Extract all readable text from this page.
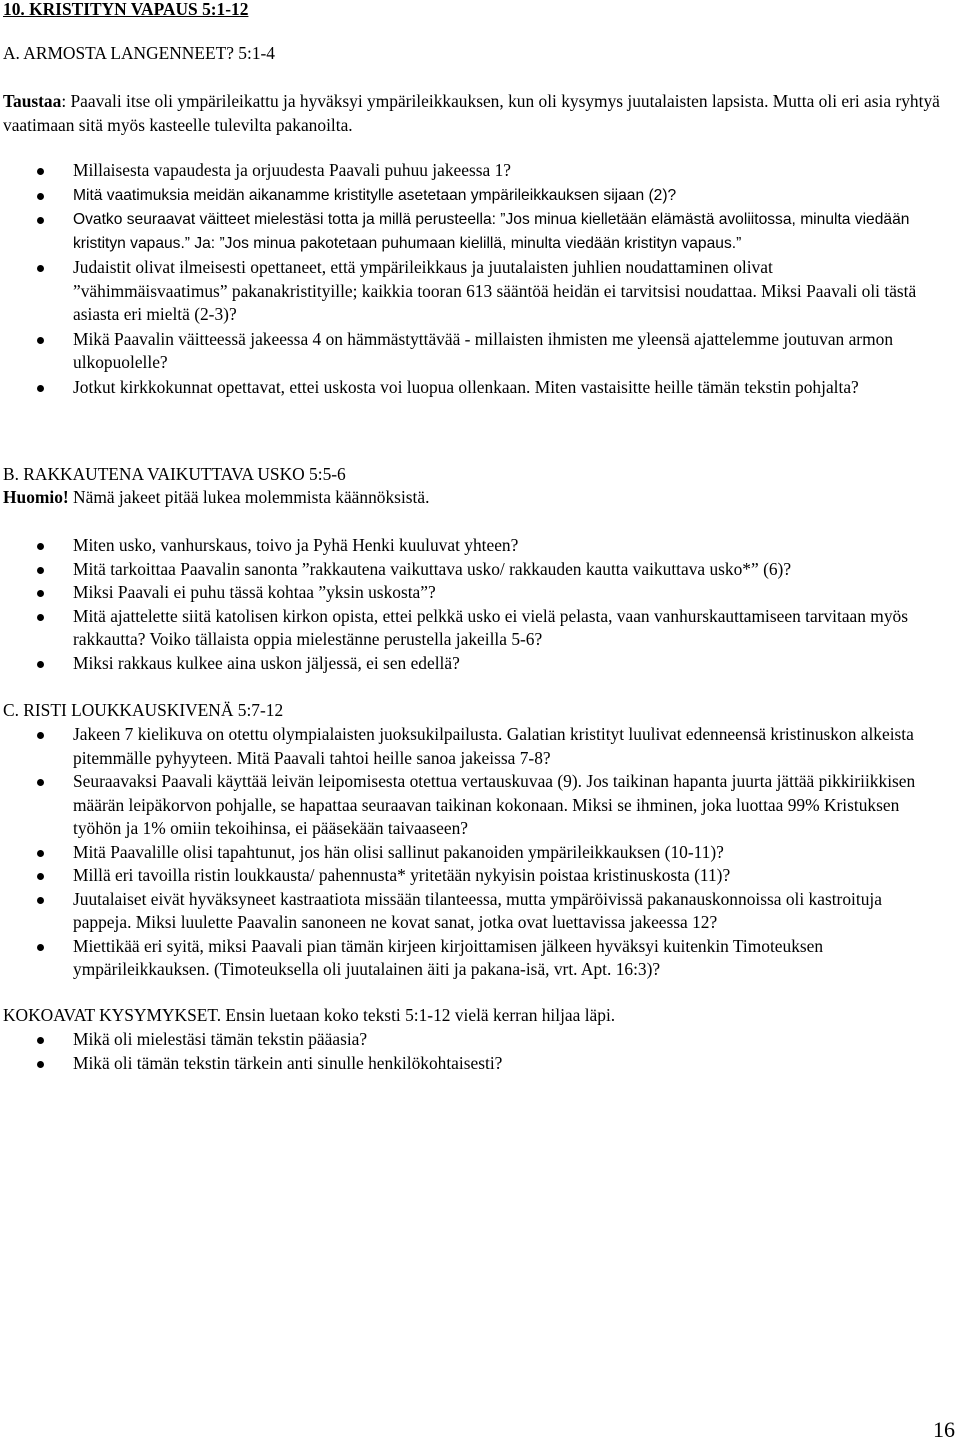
10. KRISTITYN VAPAUS 5:1-12
A. ARMOSTA LANGENNEET? 5:1-4

Taustaa: Paavali itse oli ympärileikattu ja hyväksyi ympärileikkauksen, kun oli kysymys juutalaisten lapsista. Mutta oli eri asia ryhtyä vaatimaan sitä myös kasteelle tulevilta pakanoilta.

Millaisesta vapaudesta ja orjuudesta Paavali puhuu jakeessa 1?
Mitä vaatimuksia meidän aikanamme kristitylle asetetaan ympärileikkauksen sijaan (2)?
Ovatko seuraavat väitteet mielestäsi totta ja millä perusteella: ”Jos minua kielletään elämästä avoliitossa, minulta viedään kristityn vapaus.” Ja: ”Jos minua pakotetaan puhumaan kielillä, minulta viedään kristityn vapaus.”
Judaistit olivat ilmeisesti opettaneet, että ympärileikkaus ja juutalaisten juhlien noudattaminen olivat ”vähimmäisvaatimus” pakanakristityille; kaikkia tooran 613 sääntöä heidän ei tarvitsisi noudattaa. Miksi Paavali oli tästä asiasta eri mieltä (2-3)?
Mikä Paavalin väitteessä jakeessa 4 on hämmästyttävää - millaisten ihmisten me yleensä ajattelemme joutuvan armon ulkopuolelle?
Jotkut kirkkokunnat opettavat, ettei uskosta voi luopua ollenkaan. Miten vastaisitte heille tämän tekstin pohjalta?
B. RAKKAUTENA VAIKUTTAVA USKO 5:5-6

Huomio! Nämä jakeet pitää lukea molemmista käännöksistä.

Miten usko, vanhurskaus, toivo ja Pyhä Henki kuuluvat yhteen?
Mitä tarkoittaa Paavalin sanonta ”rakkautena vaikuttava usko/ rakkauden kautta vaikuttava usko*” (6)?
Miksi Paavali ei puhu tässä kohtaa ”yksin uskosta”?
Mitä ajattelette siitä katolisen kirkon opista, ettei pelkkä usko ei vielä pelasta, vaan vanhurskauttamiseen tarvitaan myös rakkautta? Voiko tällaista oppia mielestänne perustella jakeilla 5-6?
Miksi rakkaus kulkee aina uskon jäljessä, ei sen edellä?
C. RISTI LOUKKAUSKIVENÄ 5:7-12
Jakeen 7 kielikuva on otettu olympialaisten juoksukilpailusta. Galatian kristityt luulivat edenneensä kristinuskon alkeista pitemmälle pyhyyteen. Mitä Paavali tahtoi heille sanoa jakeissa 7-8?
Seuraavaksi Paavali käyttää leivän leipomisesta otettua vertauskuvaa (9). Jos taikinan hapanta juurta jättää pikkiriikkisen määrän leipäkorvon pohjalle, se hapattaa seuraavan taikinan kokonaan. Miksi se ihminen, joka luottaa 99% Kristuksen työhön ja 1% omiin tekoihinsa, ei pääsekään taivaaseen?
Mitä Paavalille olisi tapahtunut, jos hän olisi sallinut pakanoiden ympärileikkauksen (10-11)?
Millä eri tavoilla ristin loukkausta/ pahennusta* yritetään nykyisin poistaa kristinuskosta (11)?
Juutalaiset eivät hyväksyneet kastraatiota missään tilanteessa, mutta ympäröivissä pakanauskonnoissa oli kastroituja pappeja. Miksi luulette Paavalin sanoneen ne kovat sanat, jotka ovat luettavissa jakeessa 12?
Miettikää eri syitä, miksi Paavali pian tämän kirjeen kirjoittamisen jälkeen hyväksyi kuitenkin Timoteuksen ympärileikkauksen. (Timoteuksella oli juutalainen äiti ja pakana-isä, vrt. Apt. 16:3)?
KOKOAVAT KYSYMYKSET. Ensin luetaan koko teksti 5:1-12 vielä kerran hiljaa läpi.
Mikä oli mielestäsi tämän tekstin pääasia?
Mikä oli tämän tekstin tärkein anti sinulle henkilökohtaisesti?
16
